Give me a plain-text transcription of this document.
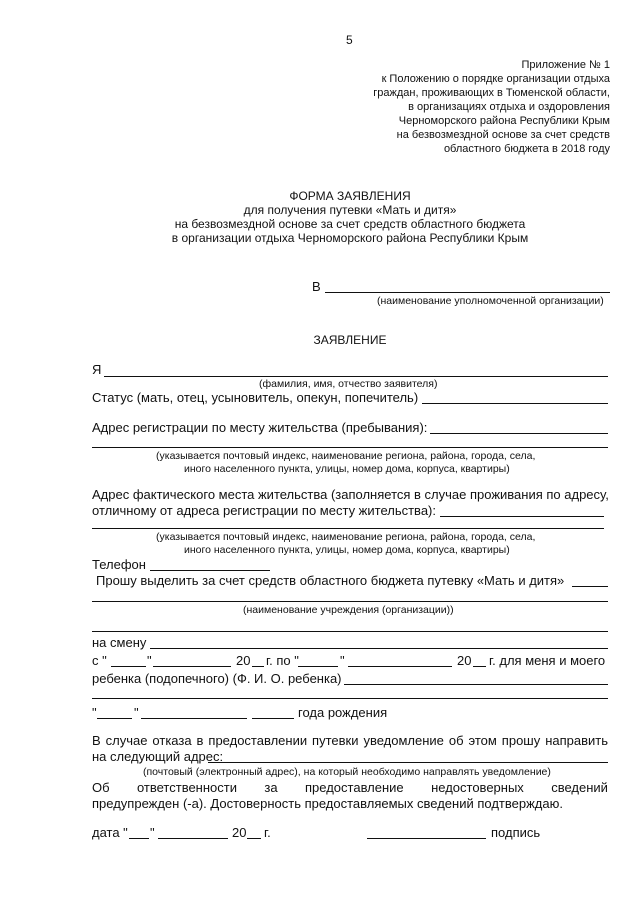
5
Приложение № 1
к Положению о порядке организации отдыха
граждан, проживающих в Тюменской области,
в организациях отдыха и оздоровления
Черноморского района Республики Крым
на безвозмездной основе за счет средств
областного бюджета в 2018 году
ФОРМА ЗАЯВЛЕНИЯ
для получения путевки «Мать и дитя»
на безвозмездной основе за счет средств областного бюджета
в организации отдыха Черноморского района Республики Крым
В
(наименование уполномоченной организации)
ЗАЯВЛЕНИЕ
Я
(фамилия, имя, отчество заявителя)
Статус (мать, отец, усыновитель, опекун, попечитель)
Адрес регистрации по месту жительства (пребывания):
(указывается почтовый индекс, наименование региона, района, города, села,
иного населенного пункта, улицы, номер дома, корпуса, квартиры)
Адрес фактического места жительства (заполняется в случае проживания по адресу,
отличному от адреса регистрации по месту жительства):
(указывается почтовый индекс, наименование региона, района, города, села,
иного населенного пункта, улицы, номер дома, корпуса, квартиры)
Телефон
Прошу выделить за счет средств областного бюджета путевку «Мать и дитя»
(наименование учреждения (организации))
на смену
с "	"	20 г. по "	"	20 г. для меня и моего
ребенка (подопечного) (Ф. И. О. ребенка)
"	"	года рождения
В случае отказа в предоставлении путевки уведомление об этом прошу направить
на следующий адрес:
(почтовый (электронный адрес), на который необходимо направлять уведомление)
Об ответственности за предоставление недостоверных сведений
предупрежден (-а). Достоверность предоставляемых сведений подтверждаю.
дата " "	20 г.	подпись
